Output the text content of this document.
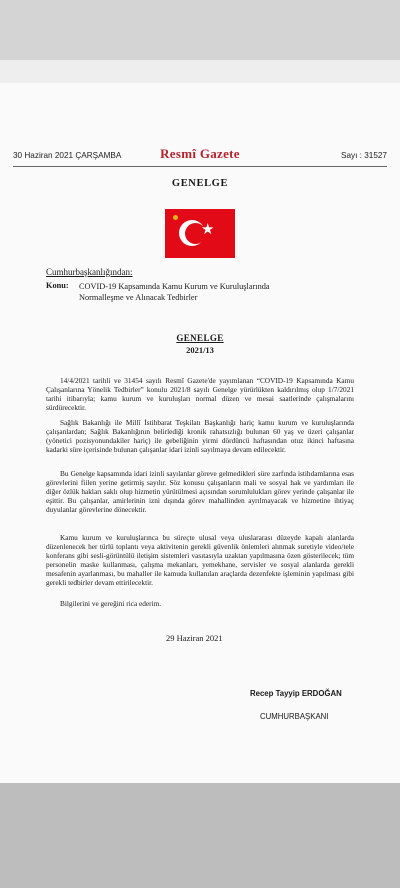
30 Haziran 2021 ÇARŞAMBA	Resmî Gazete	Sayı : 31527
GENELGE
★
Cumhurbaşkanlığından:
Konu: COVID-19 Kapsamında Kamu Kurum ve Kuruluşlarında Normalleşme ve Alınacak Tedbirler
GENELGE
2021/13
14/4/2021 tarihli ve 31454 sayılı Resmî Gazete'de yayımlanan “COVID-19 Kapsamında Kamu Çalışanlarına Yönelik Tedbirler” konulu 2021/8 sayılı Genelge yürürlükten kaldırılmış olup 1/7/2021 tarihi itibarıyla; kamu kurum ve kuruluşları normal düzen ve mesai saatlerinde çalışmalarını sürdürecektir.
Sağlık Bakanlığı ile Millî İstihbarat Teşkilatı Başkanlığı hariç kamu kurum ve kuruluşlarında çalışanlardan; Sağlık Bakanlığının belirlediği kronik rahatsızlığı bulunan 60 yaş ve üzeri çalışanlar (yönetici pozisyonundakiler hariç) ile gebeliğinin yirmi dördüncü haftasından otuz ikinci haftasına kadarki süre içerisinde bulunan çalışanlar idari izinli sayılmaya devam edilecektir.
Bu Genelge kapsamında idari izinli sayılanlar göreve gelmedikleri süre zarfında istihdamlarına esas görevlerini fiilen yerine getirmiş sayılır. Söz konusu çalışanların mali ve sosyal hak ve yardımları ile diğer özlük hakları saklı olup hizmetin yürütülmesi açısından sorumlulukları görev yerinde çalışanlar ile eşittir. Bu çalışanlar, amirlerinin izni dışında görev mahallinden ayrılmayacak ve hizmetine ihtiyaç duyulanlar görevlerine dönecektir.
Kamu kurum ve kuruluşlarınca bu süreçte ulusal veya uluslararası düzeyde kapalı alanlarda düzenlenecek her türlü toplantı veya aktivitenin gerekli güvenlik önlemleri alınmak suretiyle video/tele konferans gibi sesli-görüntülü iletişim sistemleri vasıtasıyla uzaktan yapılmasına özen gösterilecek; tüm personelin maske kullanması, çalışma mekanları, yemekhane, servisler ve sosyal alanlarda gerekli mesafenin ayarlanması, bu mahaller ile kamuda kullanılan araçlarda dezenfekte işleminin yapılması gibi gerekli tedbirler devam ettirilecektir.
Bilgilerini ve gereğini rica ederim.
29 Haziran 2021
Recep Tayyip ERDOĞAN
CUMHURBAŞKANI
